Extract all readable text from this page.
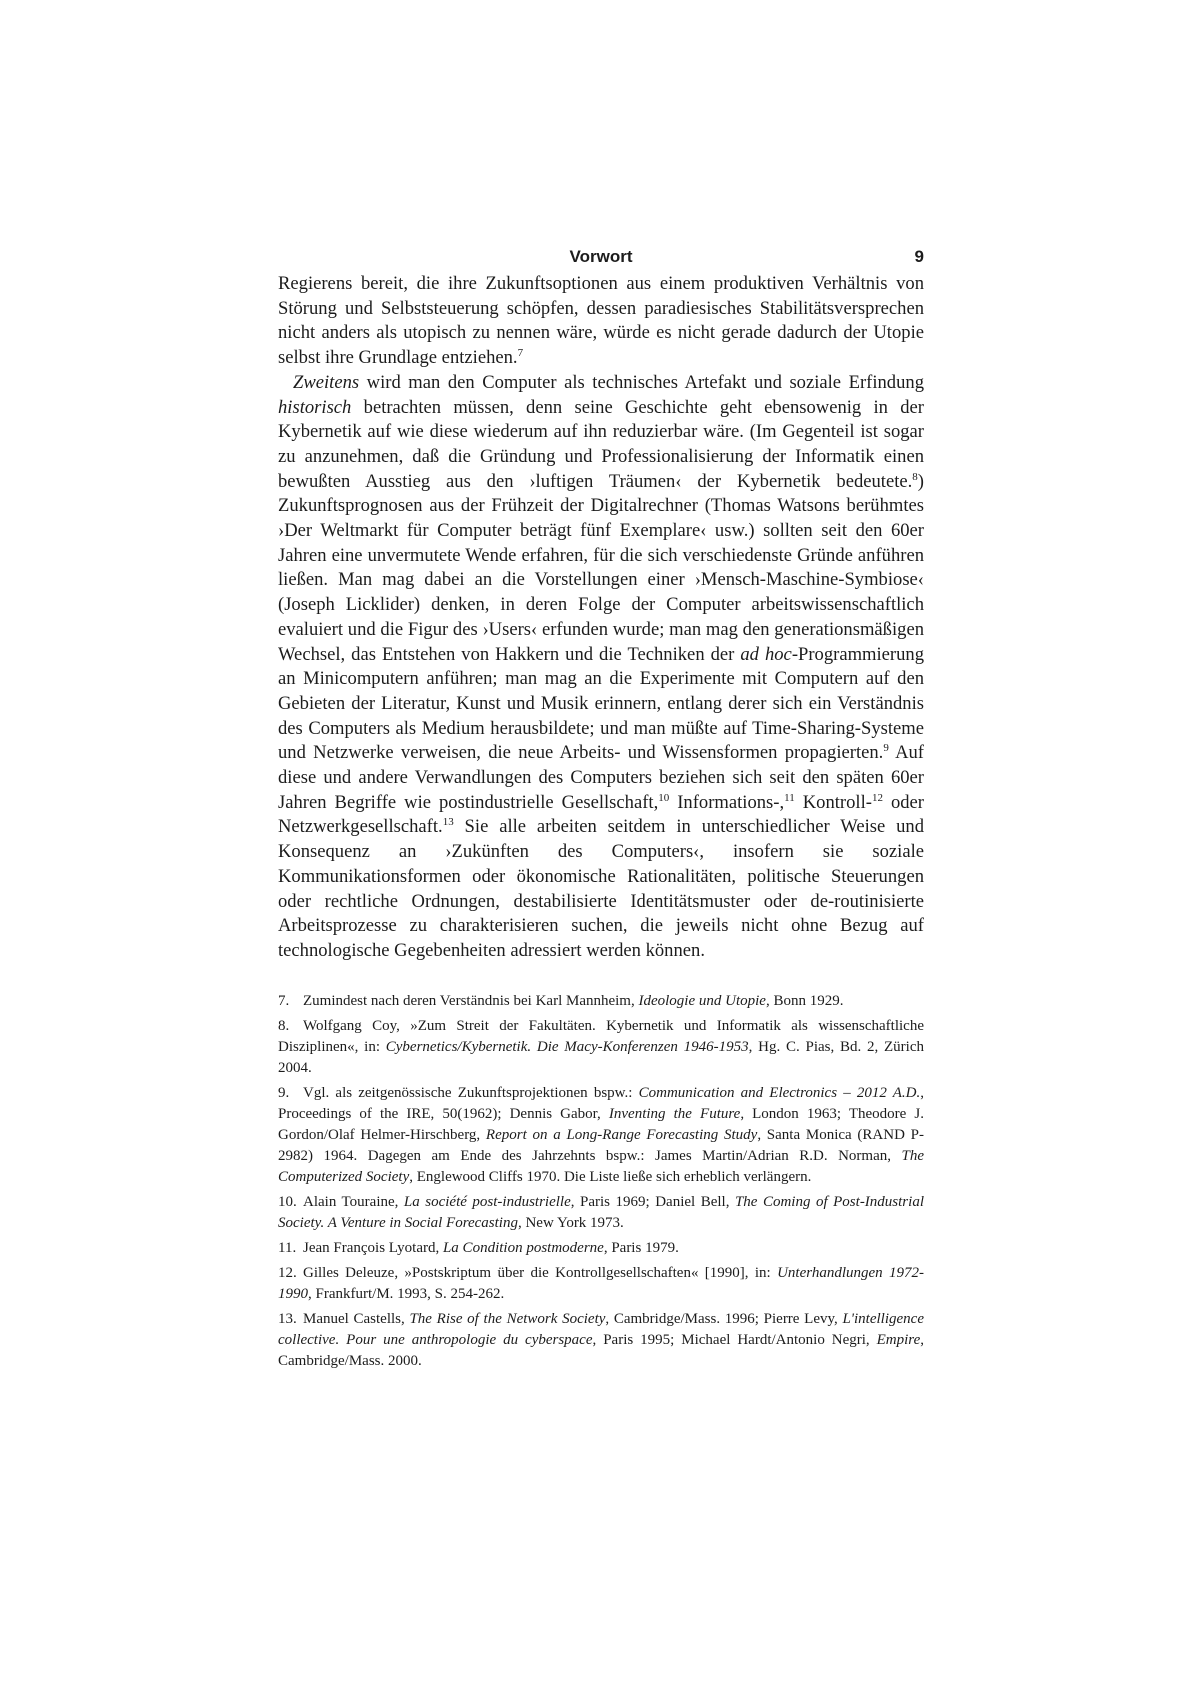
Vorwort	9

Regierens bereit, die ihre Zukunftsoptionen aus einem produktiven Verhältnis von Störung und Selbststeuerung schöpfen, dessen paradiesisches Stabilitätsversprechen nicht anders als utopisch zu nennen wäre, würde es nicht gerade dadurch der Utopie selbst ihre Grundlage entziehen.$^7$

Zweitens wird man den Computer als technisches Artefakt und soziale Erfindung historisch betrachten müssen, denn seine Geschichte geht ebensowenig in der Kybernetik auf wie diese wiederum auf ihn reduzierbar wäre. (Im Gegenteil ist sogar zu anzunehmen, daß die Gründung und Professionalisierung der Informatik einen bewußten Ausstieg aus den ›luftigen Träumen‹ der Kybernetik bedeutete.$^8$) Zukunftsprognosen aus der Frühzeit der Digitalrechner (Thomas Watsons berühmtes ›Der Weltmarkt für Computer beträgt fünf Exemplare‹ usw.) sollten seit den 60er Jahren eine unvermutete Wende erfahren, für die sich verschiedenste Gründe anführen ließen. Man mag dabei an die Vorstellungen einer ›Mensch-Maschine-Symbiose‹ (Joseph Licklider) denken, in deren Folge der Computer arbeitswissenschaftlich evaluiert und die Figur des ›Users‹ erfunden wurde; man mag den generationsmäßigen Wechsel, das Entstehen von Hakkern und die Techniken der ad hoc-Programmierung an Minicomputern anführen; man mag an die Experimente mit Computern auf den Gebieten der Literatur, Kunst und Musik erinnern, entlang derer sich ein Verständnis des Computers als Medium herausbildete; und man müßte auf Time-Sharing-Systeme und Netzwerke verweisen, die neue Arbeits- und Wissensformen propagierten.$^9$ Auf diese und andere Verwandlungen des Computers beziehen sich seit den späten 60er Jahren Begriffe wie postindustrielle Gesellschaft,$^{10}$ Informations-,$^{11}$ Kontroll-$^{12}$ oder Netzwerkgesellschaft.$^{13}$ Sie alle arbeiten seitdem in unterschiedlicher Weise und Konsequenz an ›Zukünften des Computers‹, insofern sie soziale Kommunikationsformen oder ökonomische Rationalitäten, politische Steuerungen oder rechtliche Ordnungen, destabilisierte Identitätsmuster oder de-routinisierte Arbeitsprozesse zu charakterisieren suchen, die jeweils nicht ohne Bezug auf technologische Gegebenheiten adressiert werden können.

7. Zumindest nach deren Verständnis bei Karl Mannheim, Ideologie und Utopie, Bonn 1929.

8. Wolfgang Coy, »Zum Streit der Fakultäten. Kybernetik und Informatik als wissenschaftliche Disziplinen«, in: Cybernetics/Kybernetik. Die Macy-Konferenzen 1946-1953, Hg. C. Pias, Bd. 2, Zürich 2004.

9. Vgl. als zeitgenössische Zukunftsprojektionen bspw.: Communication and Electronics – 2012 A.D., Proceedings of the IRE, 50(1962); Dennis Gabor, Inventing the Future, London 1963; Theodore J. Gordon/Olaf Helmer-Hirschberg, Report on a Long-Range Forecasting Study, Santa Monica (RAND P-2982) 1964. Dagegen am Ende des Jahrzehnts bspw.: James Martin/Adrian R.D. Norman, The Computerized Society, Englewood Cliffs 1970. Die Liste ließe sich erheblich verlängern.

10. Alain Touraine, La société post-industrielle, Paris 1969; Daniel Bell, The Coming of Post-Industrial Society. A Venture in Social Forecasting, New York 1973.

11. Jean François Lyotard, La Condition postmoderne, Paris 1979.

12. Gilles Deleuze, »Postskriptum über die Kontrollgesellschaften« [1990], in: Unterhandlungen 1972-1990, Frankfurt/M. 1993, S. 254-262.

13. Manuel Castells, The Rise of the Network Society, Cambridge/Mass. 1996; Pierre Levy, L'intelligence collective. Pour une anthropologie du cyberspace, Paris 1995; Michael Hardt/Antonio Negri, Empire, Cambridge/Mass. 2000.
